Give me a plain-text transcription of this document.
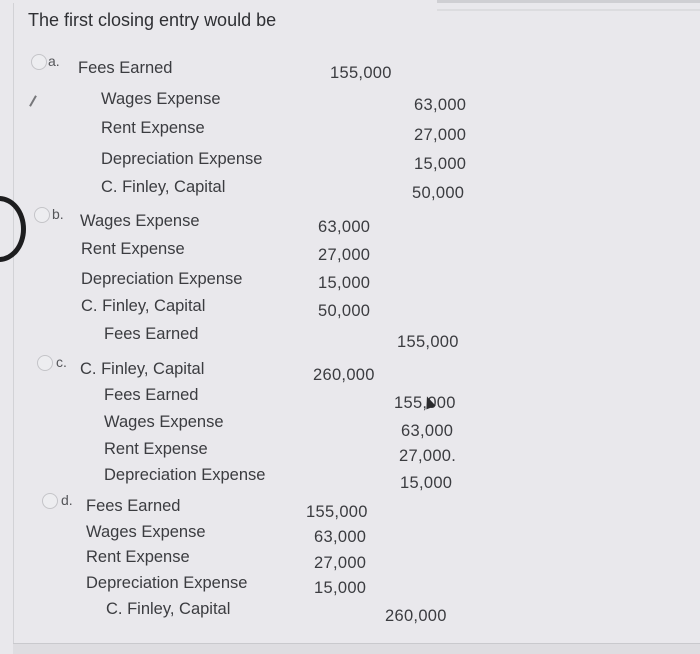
The first closing entry would be
a. Fees Earned	155,000
Wages Expense	63,000
Rent Expense	27,000
Depreciation Expense	15,000
C. Finley, Capital	50,000
b. Wages Expense	63,000
Rent Expense	27,000
Depreciation Expense	15,000
C. Finley, Capital	50,000
Fees Earned	155,000
c. C. Finley, Capital	260,000
Fees Earned	155,000
Wages Expense	63,000
Rent Expense	27,000.
Depreciation Expense	15,000
d. Fees Earned	155,000
Wages Expense	63,000
Rent Expense	27,000
Depreciation Expense	15,000
C. Finley, Capital	260,000
